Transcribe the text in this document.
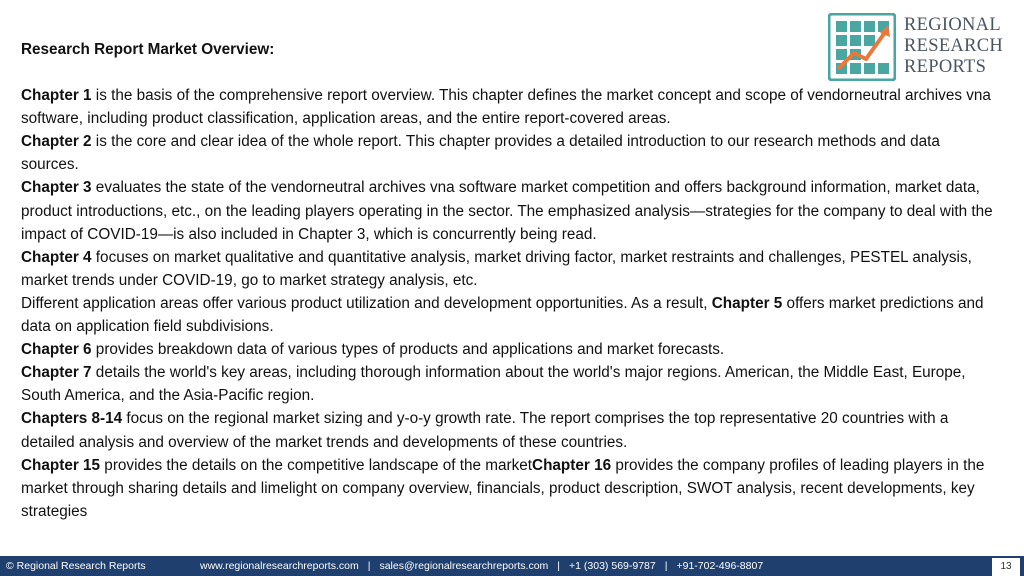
REGIONAL
RESEARCH
REPORTS

Research Report Market Overview:

Chapter 1 is the basis of the comprehensive report overview. This chapter defines the market concept and scope of vendorneutral archives vna software, including product classification, application areas, and the entire report-covered areas.

Chapter 2 is the core and clear idea of the whole report. This chapter provides a detailed introduction to our research methods and data sources.

Chapter 3 evaluates the state of the vendorneutral archives vna software market competition and offers background information, market data, product introductions, etc., on the leading players operating in the sector. The emphasized analysis—strategies for the company to deal with the impact of COVID-19—is also included in Chapter 3, which is concurrently being read.

Chapter 4 focuses on market qualitative and quantitative analysis, market driving factor, market restraints and challenges, PESTEL analysis, market trends under COVID-19, go to market strategy analysis, etc.

Different application areas offer various product utilization and development opportunities. As a result, Chapter 5 offers market predictions and data on application field subdivisions.

Chapter 6 provides breakdown data of various types of products and applications and market forecasts.

Chapter 7 details the world's key areas, including thorough information about the world's major regions. American, the Middle East, Europe, South America, and the Asia-Pacific region.

Chapters 8-14 focus on the regional market sizing and y-o-y growth rate. The report comprises the top representative 20 countries with a detailed analysis and overview of the market trends and developments of these countries.

Chapter 15 provides the details on the competitive landscape of the marketChapter 16 provides the company profiles of leading players in the market through sharing details and limelight on company overview, financials, product description, SWOT analysis, recent developments, key strategies

© Regional Research Reports	www.regionalresearchreports.com | sales@regionalresearchreports.com | +1 (303) 569-9787 | +91-702-496-8807	13
